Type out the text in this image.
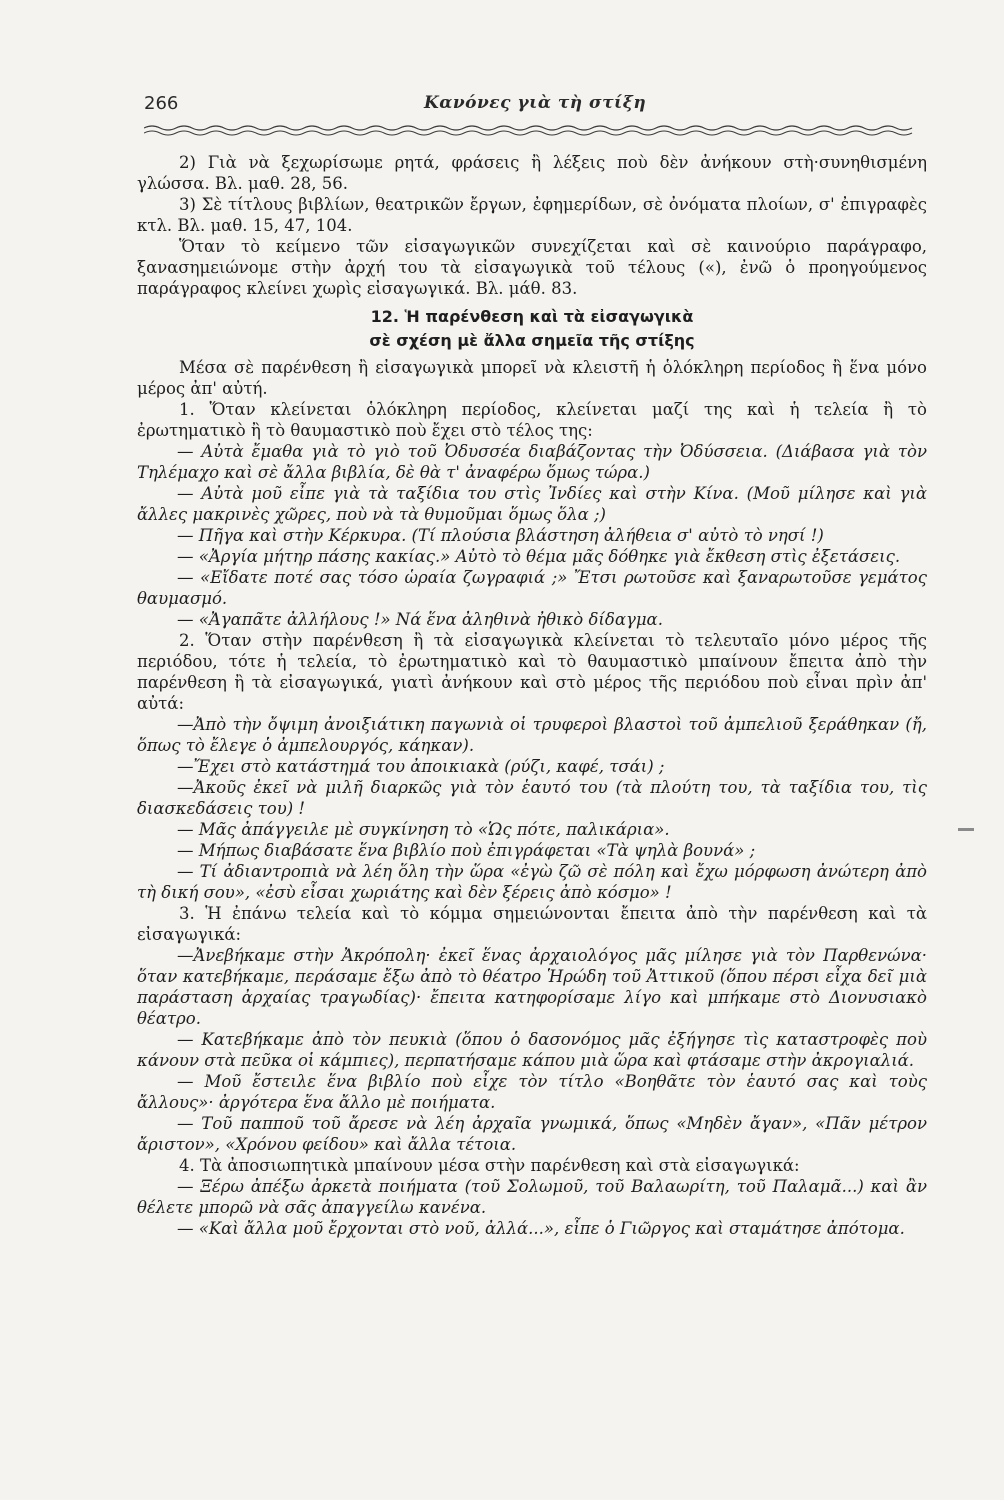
266	Κανόνες γιὰ τὴ στίξη

2) Γιὰ νὰ ξεχωρίσωμε ρητά, φράσεις ἢ λέξεις ποὺ δὲν ἀνήκουν στὴ·συνηθισμένη γλώσσα. Βλ. μαθ. 28, 56.

3) Σὲ τίτλους βιβλίων, θεατρικῶν ἔργων, ἐφημερίδων, σὲ ὀνόματα πλοίων, σ' ἐπιγραφὲς κτλ. Βλ. μαθ. 15, 47, 104.

Ὅταν τὸ κείμενο τῶν εἰσαγωγικῶν συνεχίζεται καὶ σὲ καινούριο παράγραφο, ξανασημειώνομε στὴν ἀρχή του τὰ εἰσαγωγικὰ τοῦ τέλους («), ἐνῶ ὁ προηγούμενος παράγραφος κλείνει χωρὶς εἰσαγωγικά. Βλ. μάθ. 83.

12. Ἡ παρένθεση καὶ τὰ εἰσαγωγικὰ
σὲ σχέση μὲ ἄλλα σημεῖα τῆς στίξης

Μέσα σὲ παρένθεση ἢ εἰσαγωγικὰ μπορεῖ νὰ κλειστῆ ἡ ὁλόκληρη περίοδος ἢ ἕνα μόνο μέρος ἀπ' αὐτή.

1. Ὅταν κλείνεται ὁλόκληρη περίοδος, κλείνεται μαζί της καὶ ἡ τελεία ἢ τὸ ἐρωτηματικὸ ἢ τὸ θαυμαστικὸ ποὺ ἔχει στὸ τέλος της:

— Αὐτὰ ἔμαθα γιὰ τὸ γιὸ τοῦ Ὀδυσσέα διαβάζοντας τὴν Ὀδύσσεια. (Διάβασα γιὰ τὸν Τηλέμαχο καὶ σὲ ἄλλα βιβλία, δὲ θὰ τ' ἀναφέρω ὅμως τώρα.)

— Αὐτὰ μοῦ εἶπε γιὰ τὰ ταξίδια του στὶς Ἰνδίες καὶ στὴν Κίνα. (Μοῦ μίλησε καὶ γιὰ ἄλλες μακρινὲς χῶρες, ποὺ νὰ τὰ θυμοῦμαι ὅμως ὅλα ;)

— Πῆγα καὶ στὴν Κέρκυρα. (Τί πλούσια βλάστηση ἀλήθεια σ' αὐτὸ τὸ νησί !)

— «Ἀργία μήτηρ πάσης κακίας.» Αὐτὸ τὸ θέμα μᾶς δόθηκε γιὰ ἔκθεση στὶς ἐξετάσεις.

— «Εἴδατε ποτέ σας τόσο ὡραία ζωγραφιά ;» Ἔτσι ρωτοῦσε καὶ ξαναρωτοῦσε γεμάτος θαυμασμό.

— «Ἀγαπᾶτε ἀλλήλους !» Νά ἕνα ἀληθινὰ ἠθικὸ δίδαγμα.

2. Ὅταν στὴν παρένθεση ἢ τὰ εἰσαγωγικὰ κλείνεται τὸ τελευταῖο μόνο μέρος τῆς περιόδου, τότε ἡ τελεία, τὸ ἐρωτηματικὸ καὶ τὸ θαυμαστικὸ μπαίνουν ἔπειτα ἀπὸ τὴν παρένθεση ἢ τὰ εἰσαγωγικά, γιατὶ ἀνήκουν καὶ στὸ μέρος τῆς περιόδου ποὺ εἶναι πρὶν ἀπ' αὐτά:

—Ἀπὸ τὴν ὄψιμη ἀνοιξιάτικη παγωνιὰ οἱ τρυφεροὶ βλαστοὶ τοῦ ἀμπελιοῦ ξεράθηκαν (ἤ, ὅπως τὸ ἔλεγε ὁ ἀμπελουργός, κάηκαν).

—Ἔχει στὸ κατάστημά του ἀποικιακὰ (ρύζι, καφέ, τσάι) ;

—Ἀκοῦς ἐκεῖ νὰ μιλῆ διαρκῶς γιὰ τὸν ἑαυτό του (τὰ πλούτη του, τὰ ταξίδια του, τὶς διασκεδάσεις του) !

— Μᾶς ἀπάγγειλε μὲ συγκίνηση τὸ «Ὡς πότε, παλικάρια».

— Μήπως διαβάσατε ἕνα βιβλίο ποὺ ἐπιγράφεται «Τὰ ψηλὰ βουνά» ;

— Τί ἀδιαντροπιὰ νὰ λέη ὅλη τὴν ὥρα «ἐγὼ ζῶ σὲ πόλη καὶ ἔχω μόρφωση ἀνώτερη ἀπὸ τὴ δική σου», «ἐσὺ εἶσαι χωριάτης καὶ δὲν ξέρεις ἀπὸ κόσμο» !

3. Ἡ ἐπάνω τελεία καὶ τὸ κόμμα σημειώνονται ἔπειτα ἀπὸ τὴν παρένθεση καὶ τὰ εἰσαγωγικά:

—Ἀνεβήκαμε στὴν Ἀκρόπολη· ἐκεῖ ἕνας ἀρχαιολόγος μᾶς μίλησε γιὰ τὸν Παρθενώνα· ὅταν κατεβήκαμε, περάσαμε ἔξω ἀπὸ τὸ θέατρο Ἡρώδη τοῦ Ἀττικοῦ (ὅπου πέρσι εἶχα δεῖ μιὰ παράσταση ἀρχαίας τραγωδίας)· ἔπειτα κατηφορίσαμε λίγο καὶ μπήκαμε στὸ Διονυσιακὸ θέατρο.

— Κατεβήκαμε ἀπὸ τὸν πευκιὰ (ὅπου ὁ δασονόμος μᾶς ἐξήγησε τὶς καταστροφὲς ποὺ κάνουν στὰ πεῦκα οἱ κάμπιες), περπατήσαμε κάπου μιὰ ὥρα καὶ φτάσαμε στὴν ἀκρογιαλιά.

— Μοῦ ἔστειλε ἕνα βιβλίο ποὺ εἶχε τὸν τίτλο «Βοηθᾶτε τὸν ἑαυτό σας καὶ τοὺς ἄλλους»· ἀργότερα ἕνα ἄλλο μὲ ποιήματα.

— Τοῦ παπποῦ τοῦ ἄρεσε νὰ λέη ἀρχαῖα γνωμικά, ὅπως «Μηδὲν ἄγαν», «Πᾶν μέτρον ἄριστον», «Χρόνου φείδου» καὶ ἄλλα τέτοια.

4. Τὰ ἀποσιωπητικὰ μπαίνουν μέσα στὴν παρένθεση καὶ στὰ εἰσαγωγικά:

— Ξέρω ἀπέξω ἀρκετὰ ποιήματα (τοῦ Σολωμοῦ, τοῦ Βαλαωρίτη, τοῦ Παλαμᾶ...) καὶ ἂν θέλετε μπορῶ νὰ σᾶς ἀπαγγείλω κανένα.

— «Καὶ ἄλλα μοῦ ἔρχονται στὸ νοῦ, ἀλλά...», εἶπε ὁ Γιῶργος καὶ σταμάτησε ἀπότομα.
